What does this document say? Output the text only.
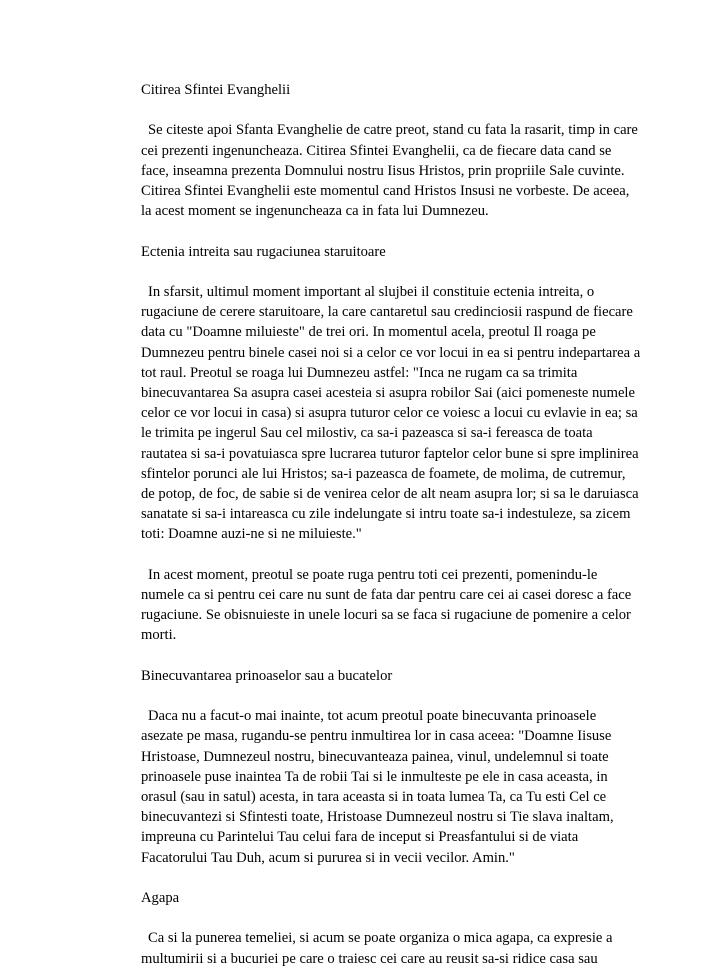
Citirea Sfintei Evanghelii

Se citeste apoi Sfanta Evanghelie de catre preot, stand cu fata la rasarit, timp in care cei prezenti ingenuncheaza. Citirea Sfintei Evanghelii, ca de fiecare data cand se face, inseamna prezenta Domnului nostru Iisus Hristos, prin propriile Sale cuvinte. Citirea Sfintei Evanghelii este momentul cand Hristos Insusi ne vorbeste. De aceea, la acest moment se ingenuncheaza ca in fata lui Dumnezeu.

Ectenia intreita sau rugaciunea staruitoare

In sfarsit, ultimul moment important al slujbei il constituie ectenia intreita, o rugaciune de cerere staruitoare, la care cantaretul sau credinciosii raspund de fiecare data cu "Doamne miluieste" de trei ori. In momentul acela, preotul Il roaga pe Dumnezeu pentru binele casei noi si a celor ce vor locui in ea si pentru indepartarea a tot raul. Preotul se roaga lui Dumnezeu astfel: "Inca ne rugam ca sa trimita binecuvantarea Sa asupra casei acesteia si asupra robilor Sai (aici pomeneste numele celor ce vor locui in casa) si asupra tuturor celor ce voiesc a locui cu evlavie in ea; sa le trimita pe ingerul Sau cel milostiv, ca sa-i pazeasca si sa-i fereasca de toata rautatea si sa-i povatuiasca spre lucrarea tuturor faptelor celor bune si spre implinirea sfintelor porunci ale lui Hristos; sa-i pazeasca de foamete, de molima, de cutremur, de potop, de foc, de sabie si de venirea celor de alt neam asupra lor; si sa le daruiasca sanatate si sa-i intareasca cu zile indelungate si intru toate sa-i indestuleze, sa zicem toti: Doamne auzi-ne si ne miluieste."

In acest moment, preotul se poate ruga pentru toti cei prezenti, pomenindu-le numele ca si pentru cei care nu sunt de fata dar pentru care cei ai casei doresc a face rugaciune. Se obisnuieste in unele locuri sa se faca si rugaciune de pomenire a celor morti.

Binecuvantarea prinoaselor sau a bucatelor

Daca nu a facut-o mai inainte, tot acum preotul poate binecuvanta prinoasele asezate pe masa, rugandu-se pentru inmultirea lor in casa aceea: "Doamne Iisuse Hristoase, Dumnezeul nostru, binecuvanteaza painea, vinul, undelemnul si toate prinoasele puse inaintea Ta de robii Tai si le inmulteste pe ele in casa aceasta, in orasul (sau in satul) acesta, in tara aceasta si in toata lumea Ta, ca Tu esti Cel ce binecuvantezi si Sfintesti toate, Hristoase Dumnezeul nostru si Tie slava inaltam, impreuna cu Parintelui Tau celui fara de inceput si Preasfantului si de viata Facatorului Tau Duh, acum si pururea si in vecii vecilor. Amin."

Agapa

Ca si la punerea temeliei, si acum se poate organiza o mica agapa, ca expresie a multumirii si a bucuriei pe care o traiesc cei care au reusit sa-si ridice casa sau
